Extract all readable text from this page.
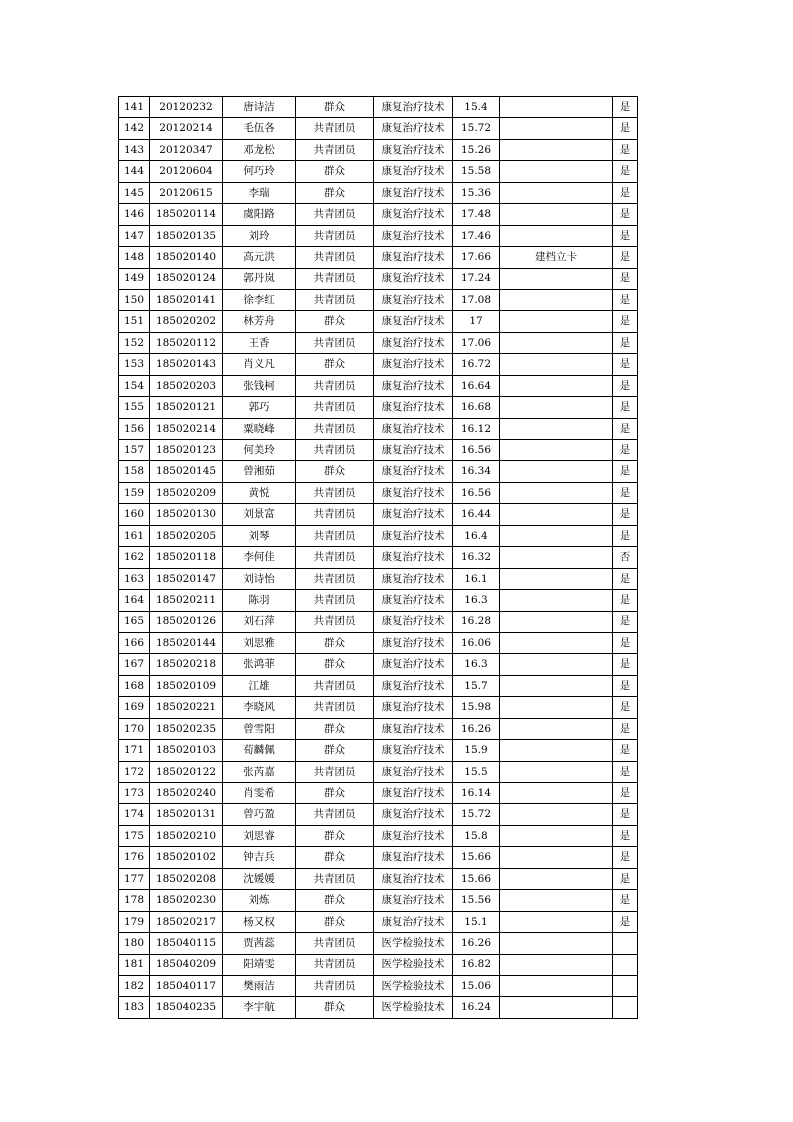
141	20120232	唐诗洁	群众	康复治疗技术	15.4		是
142	20120214	毛伍各	共青团员	康复治疗技术	15.72		是
143	20120347	邓龙松	共青团员	康复治疗技术	15.26		是
144	20120604	何巧玲	群众	康复治疗技术	15.58		是
145	20120615	李瑞	群众	康复治疗技术	15.36		是
146	185020114	虞阳路	共青团员	康复治疗技术	17.48		是
147	185020135	刘玲	共青团员	康复治疗技术	17.46		是
148	185020140	高元洪	共青团员	康复治疗技术	17.66	建档立卡	是
149	185020124	郭丹岚	共青团员	康复治疗技术	17.24		是
150	185020141	徐李红	共青团员	康复治疗技术	17.08		是
151	185020202	林芳舟	群众	康复治疗技术	17		是
152	185020112	王香	共青团员	康复治疗技术	17.06		是
153	185020143	肖义凡	群众	康复治疗技术	16.72		是
154	185020203	张钱柯	共青团员	康复治疗技术	16.64		是
155	185020121	郭巧	共青团员	康复治疗技术	16.68		是
156	185020214	粟晓峰	共青团员	康复治疗技术	16.12		是
157	185020123	何美玲	共青团员	康复治疗技术	16.56		是
158	185020145	曾湘茹	群众	康复治疗技术	16.34		是
159	185020209	黄悦	共青团员	康复治疗技术	16.56		是
160	185020130	刘景富	共青团员	康复治疗技术	16.44		是
161	185020205	刘琴	共青团员	康复治疗技术	16.4		是
162	185020118	李何佳	共青团员	康复治疗技术	16.32		否
163	185020147	刘诗怡	共青团员	康复治疗技术	16.1		是
164	185020211	陈羽	共青团员	康复治疗技术	16.3		是
165	185020126	刘石萍	共青团员	康复治疗技术	16.28		是
166	185020144	刘思雅	群众	康复治疗技术	16.06		是
167	185020218	张鸿菲	群众	康复治疗技术	16.3		是
168	185020109	江雄	共青团员	康复治疗技术	15.7		是
169	185020221	李晓风	共青团员	康复治疗技术	15.98		是
170	185020235	曾雪阳	群众	康复治疗技术	16.26		是
171	185020103	荀麟佩	群众	康复治疗技术	15.9		是
172	185020122	张芮嘉	共青团员	康复治疗技术	15.5		是
173	185020240	肖雯希	群众	康复治疗技术	16.14		是
174	185020131	曾巧盈	共青团员	康复治疗技术	15.72		是
175	185020210	刘思睿	群众	康复治疗技术	15.8		是
176	185020102	钟吉兵	群众	康复治疗技术	15.66		是
177	185020208	沈媛媛	共青团员	康复治疗技术	15.66		是
178	185020230	刘炼	群众	康复治疗技术	15.56		是
179	185020217	杨又权	群众	康复治疗技术	15.1		是
180	185040115	贾茜蕊	共青团员	医学检验技术	16.26		
181	185040209	阳靖雯	共青团员	医学检验技术	16.82		
182	185040117	樊雨洁	共青团员	医学检验技术	15.06		
183	185040235	李宇航	群众	医学检验技术	16.24		
